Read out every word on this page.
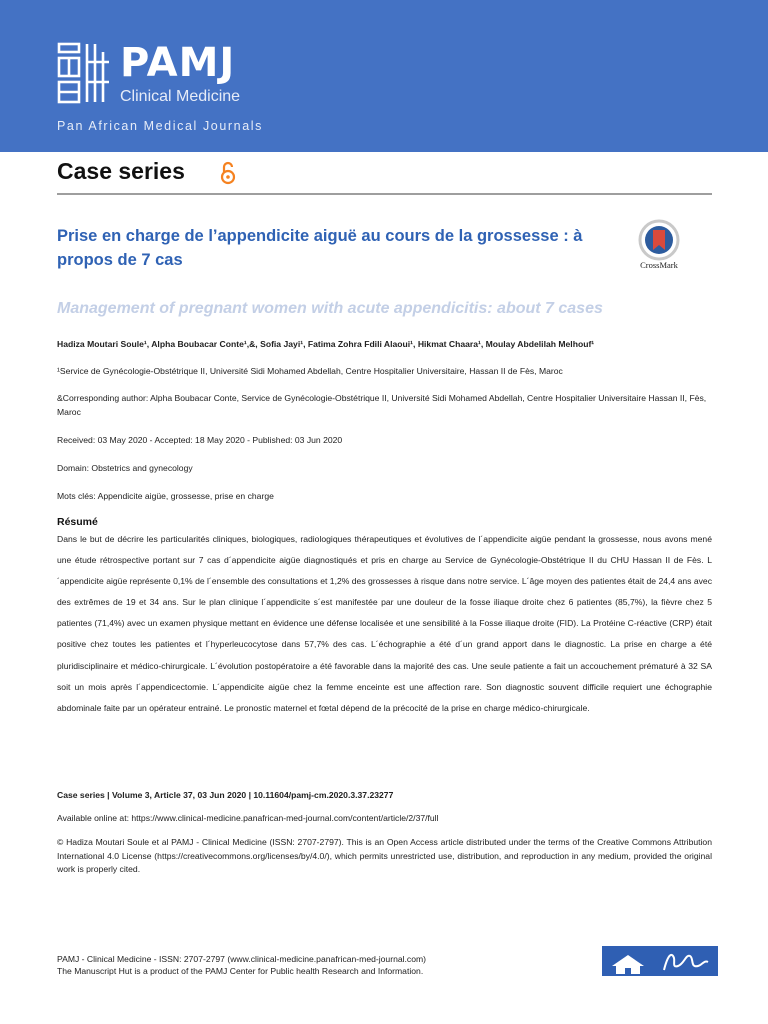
PAMJ
Clinical Medicine
Pan African Medical Journals
Case series
Prise en charge de l’appendicite aiguë au cours de la grossesse : à propos de 7 cas	CrossMark
Management of pregnant women with acute appendicitis: about 7 cases
Hadiza Moutari Soule¹, Alpha Boubacar Conte¹,&, Sofia Jayi¹, Fatima Zohra Fdili Alaoui¹, Hikmat Chaara¹, Moulay Abdelilah Melhouf¹
¹Service de Gynécologie-Obstétrique II, Université Sidi Mohamed Abdellah, Centre Hospitalier Universitaire, Hassan II de Fès, Maroc
&Corresponding author: Alpha Boubacar Conte, Service de Gynécologie-Obstétrique II, Université Sidi Mohamed Abdellah, Centre Hospitalier Universitaire Hassan II, Fès, Maroc
Received: 03 May 2020 - Accepted: 18 May 2020 - Published: 03 Jun 2020
Domain: Obstetrics and gynecology
Mots clés: Appendicite aigüe, grossesse, prise en charge
Résumé

Dans le but de décrire les particularités cliniques, biologiques, radiologiques thérapeutiques et évolutives de l´appendicite aigüe pendant la grossesse, nous avons mené une étude rétrospective portant sur 7 cas d´appendicite aigüe diagnostiqués et pris en charge au Service de Gynécologie-Obstétrique II du CHU Hassan II de Fès. L´appendicite aigüe représente 0,1% de l´ensemble des consultations et 1,2% des grossesses à risque dans notre service. L´âge moyen des patientes était de 24,4 ans avec des extrêmes de 19 et 34 ans. Sur le plan clinique l´appendicite s´est manifestée par une douleur de la fosse iliaque droite chez 6 patientes (85,7%), la fièvre chez 5 patientes (71,4%) avec un examen physique mettant en évidence une défense localisée et une sensibilité à la Fosse iliaque droite (FID). La Protéine C-réactive (CRP) était positive chez toutes les patientes et l´hyperleucocytose dans 57,7% des cas. L´échographie a été d´un grand apport dans le diagnostic. La prise en charge a été pluridisciplinaire et médico-chirurgicale. L´évolution postopératoire a été favorable dans la majorité des cas. Une seule patiente a fait un accouchement prématuré à 32 SA soit un mois après l´appendicectomie. L´appendicite aigüe chez la femme enceinte est une affection rare. Son diagnostic souvent difficile requiert une échographie abdominale faite par un opérateur entrainé. Le pronostic maternel et fœtal dépend de la précocité de la prise en charge médico-chirurgicale.

Case series | Volume 3, Article 37, 03 Jun 2020 | 10.11604/pamj-cm.2020.3.37.23277
Available online at: https://www.clinical-medicine.panafrican-med-journal.com/content/article/2/37/full
© Hadiza Moutari Soule et al PAMJ - Clinical Medicine (ISSN: 2707-2797). This is an Open Access article distributed under the terms of the Creative Commons Attribution International 4.0 License (https://creativecommons.org/licenses/by/4.0/), which permits unrestricted use, distribution, and reproduction in any medium, provided the original work is properly cited.
PAMJ - Clinical Medicine - ISSN: 2707-2797 (www.clinical-medicine.panafrican-med-journal.com)
The Manuscript Hut is a product of the PAMJ Center for Public health Research and Information.
